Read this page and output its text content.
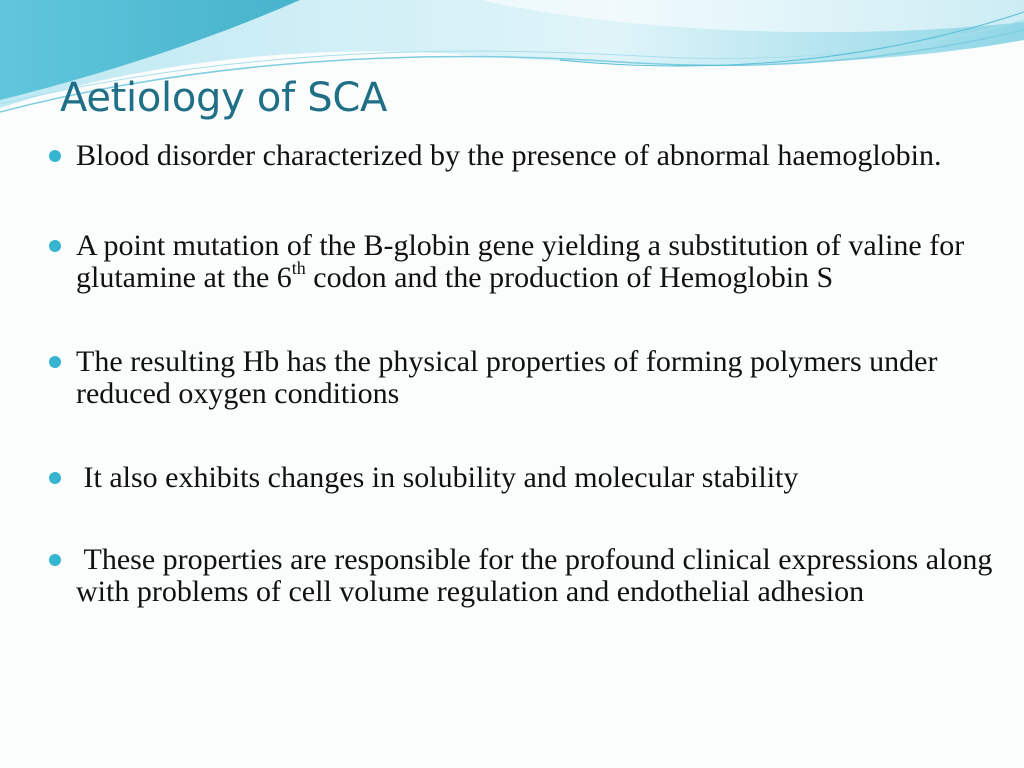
Aetiology of SCA
Blood disorder characterized by the presence of abnormal haemoglobin.
A point mutation of the B-globin gene yielding a substitution of valine for glutamine at the 6th codon and the production of Hemoglobin S
The resulting Hb has the physical properties of forming polymers under reduced oxygen conditions
It also exhibits changes in solubility and molecular stability
These properties are responsible for the profound clinical expressions along with problems of cell volume regulation and endothelial adhesion
